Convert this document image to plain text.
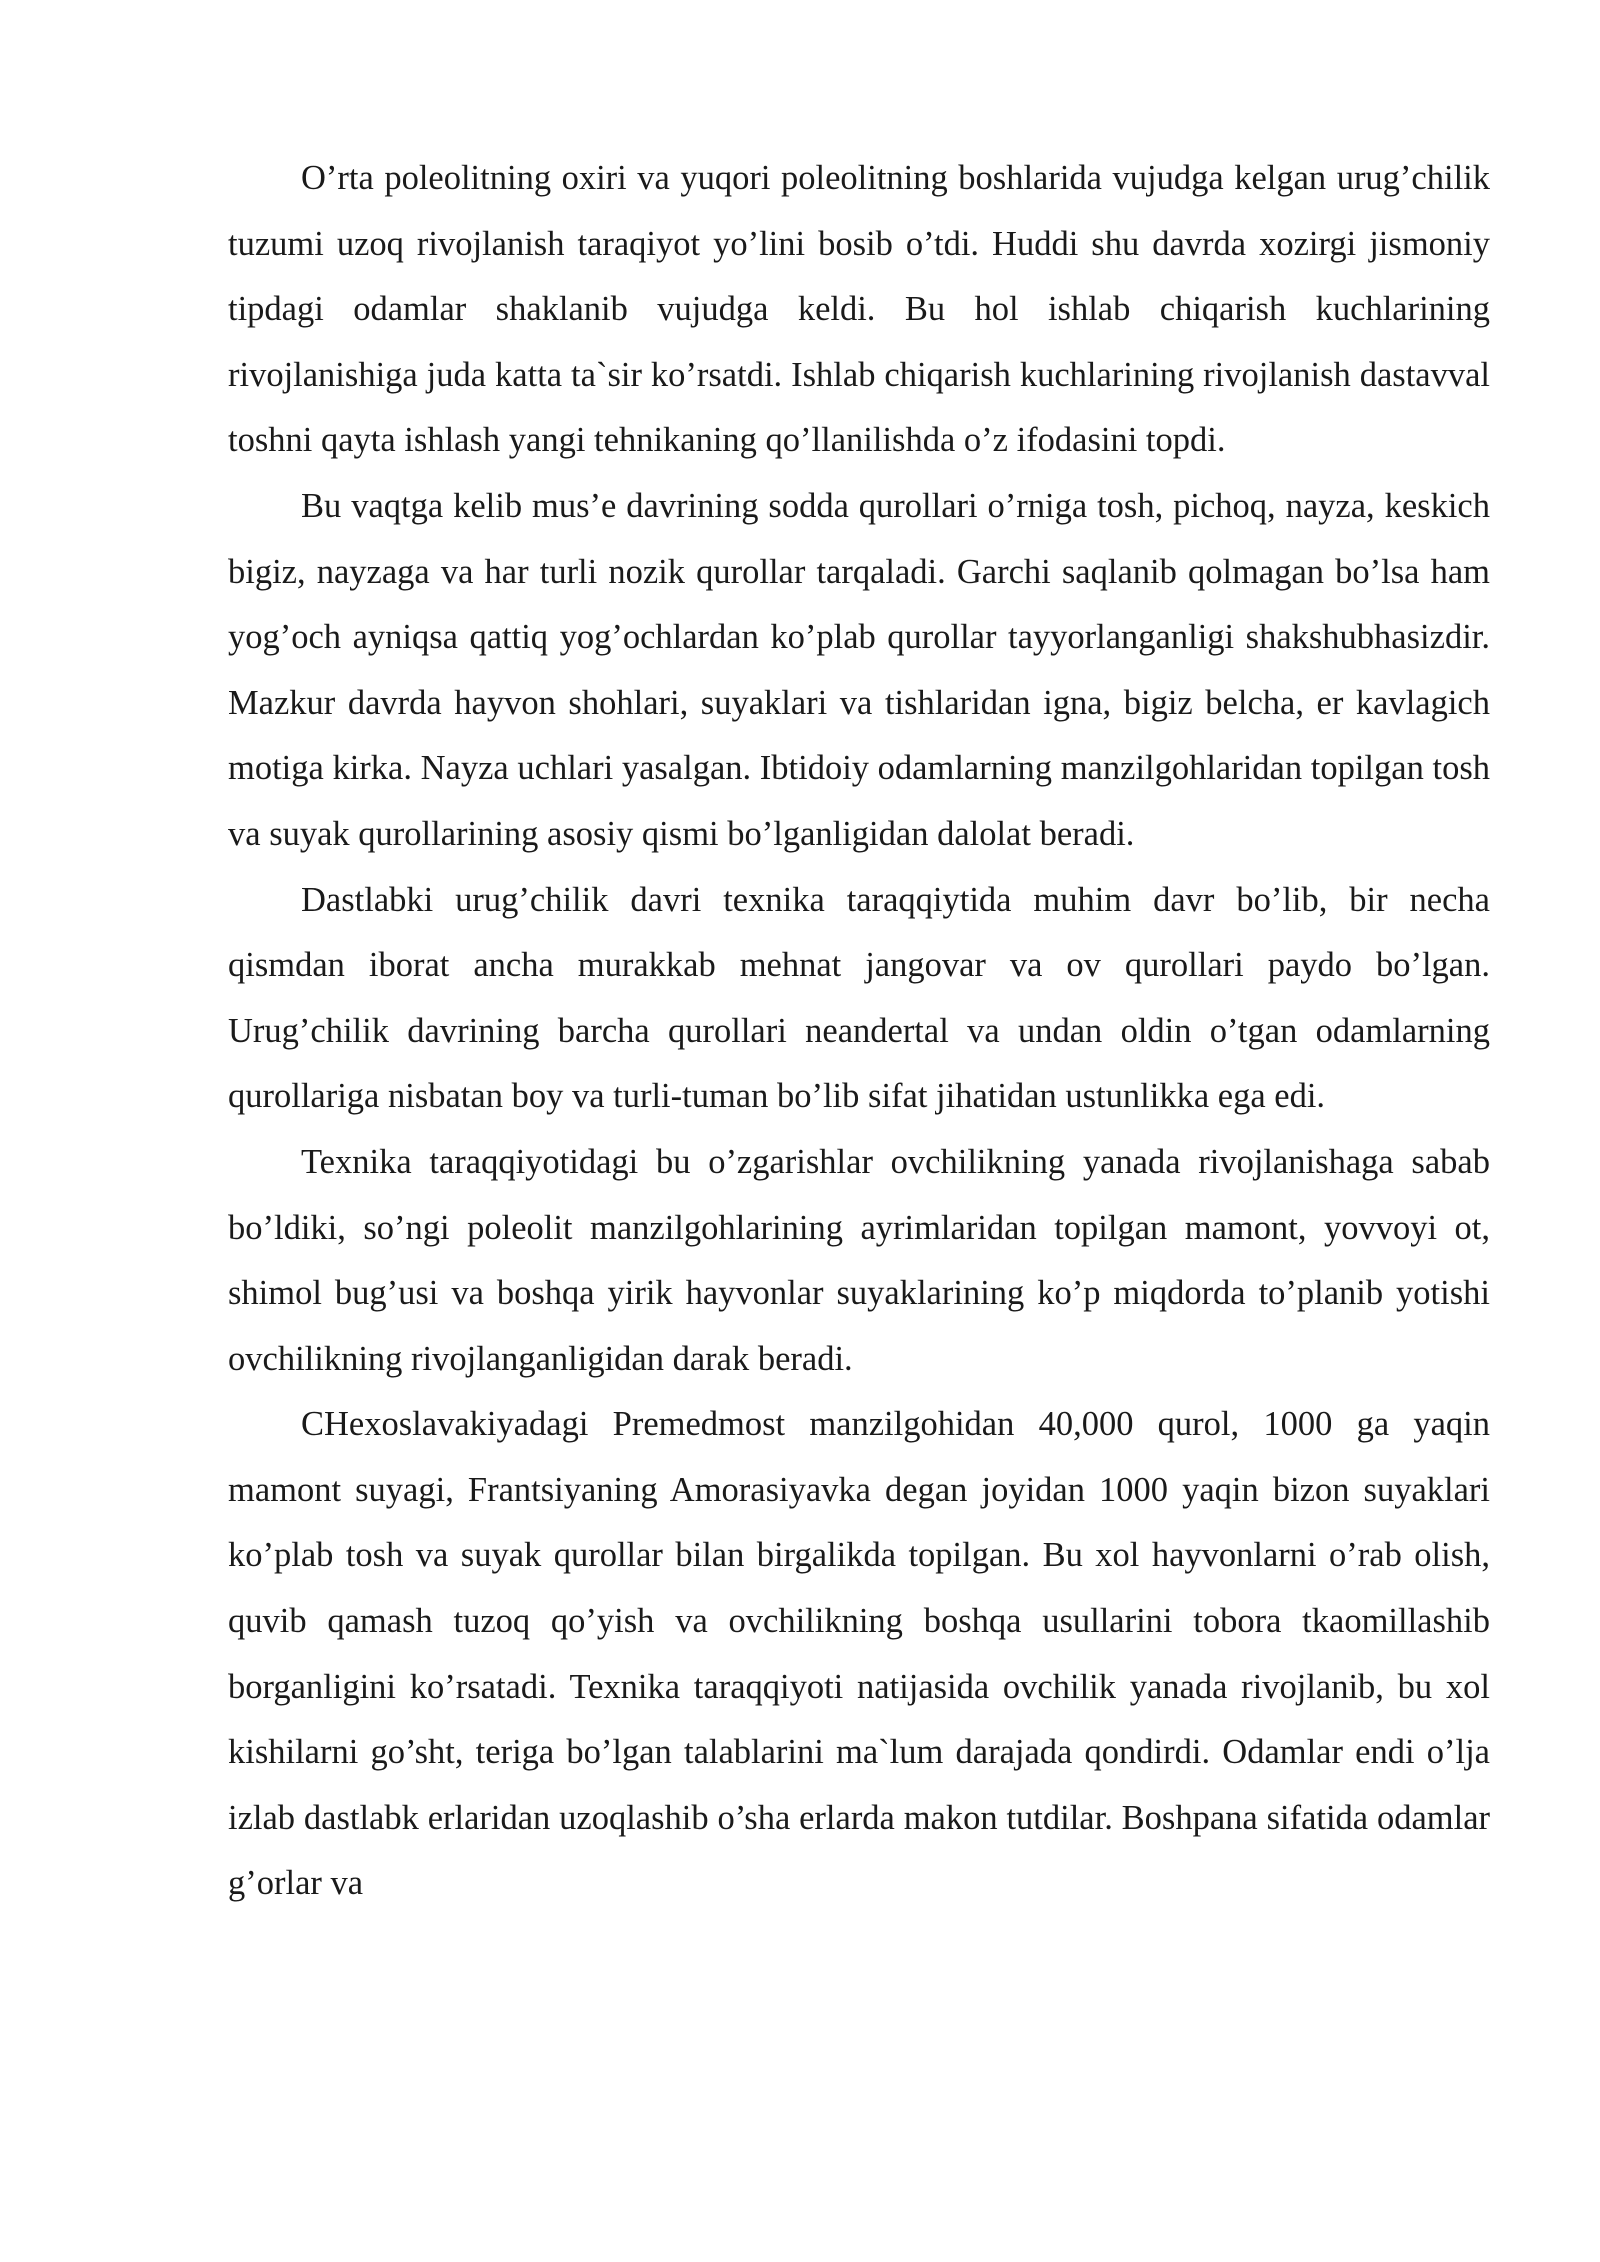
O’rta poleolitning oxiri va yuqori poleolitning boshlarida vujudga kelgan urug’chilik tuzumi uzoq rivojlanish taraqiyot yo’lini bosib o’tdi. Huddi shu davrda xozirgi jismoniy tipdagi odamlar shaklanib vujudga keldi. Bu hol ishlab chiqarish kuchlarining rivojlanishiga juda katta ta`sir ko’rsatdi. Ishlab chiqarish kuchlarining rivojlanish dastavval toshni qayta ishlash yangi tehnikaning qo’llanilishda o’z ifodasini topdi.

Bu vaqtga kelib mus’e davrining sodda qurollari o’rniga tosh, pichoq, nayza, keskich bigiz, nayzaga va har turli nozik qurollar tarqaladi. Garchi saqlanib qolmagan bo’lsa ham yog’och ayniqsa qattiq yog’ochlardan ko’plab qurollar tayyorlanganligi shakshubhasizdir. Mazkur davrda hayvon shohlari, suyaklari va tishlaridan igna, bigiz belcha, er kavlagich motiga kirka. Nayza uchlari yasalgan. Ibtidoiy odamlarning manzilgohlaridan topilgan tosh va suyak qurollarining asosiy qismi bo’lganligidan dalolat beradi.

Dastlabki urug’chilik davri texnika taraqqiytida muhim davr bo’lib, bir necha qismdan iborat ancha murakkab mehnat jangovar va ov qurollari paydo bo’lgan. Urug’chilik davrining barcha qurollari neandertal va undan oldin o’tgan odamlarning qurollariga nisbatan boy va turli-tuman bo’lib sifat jihatidan ustunlikka ega edi.

Texnika taraqqiyotidagi bu o’zgarishlar ovchilikning yanada rivojlanishaga sabab bo’ldiki, so’ngi poleolit manzilgohlarining ayrimlaridan topilgan mamont, yovvoyi ot, shimol bug’usi va boshqa yirik hayvonlar suyaklarining ko’p miqdorda to’planib yotishi ovchilikning rivojlanganligidan darak beradi.

CHexoslavakiyadagi Premedmost manzilgohidan 40,000 qurol, 1000 ga yaqin mamont suyagi, Frantsiyaning Amorasiyavka degan joyidan 1000 yaqin bizon suyaklari ko’plab tosh va suyak qurollar bilan birgalikda topilgan. Bu xol hayvonlarni o’rab olish, quvib qamash tuzoq qo’yish va ovchilikning boshqa usullarini tobora tkaomillashib borganligini ko’rsatadi. Texnika taraqqiyoti natijasida ovchilik yanada rivojlanib, bu xol kishilarni go’sht, teriga bo’lgan talablarini ma`lum darajada qondirdi. Odamlar endi o’lja izlab dastlabk erlaridan uzoqlashib o’sha erlarda makon tutdilar. Boshpana sifatida odamlar g’orlar va
